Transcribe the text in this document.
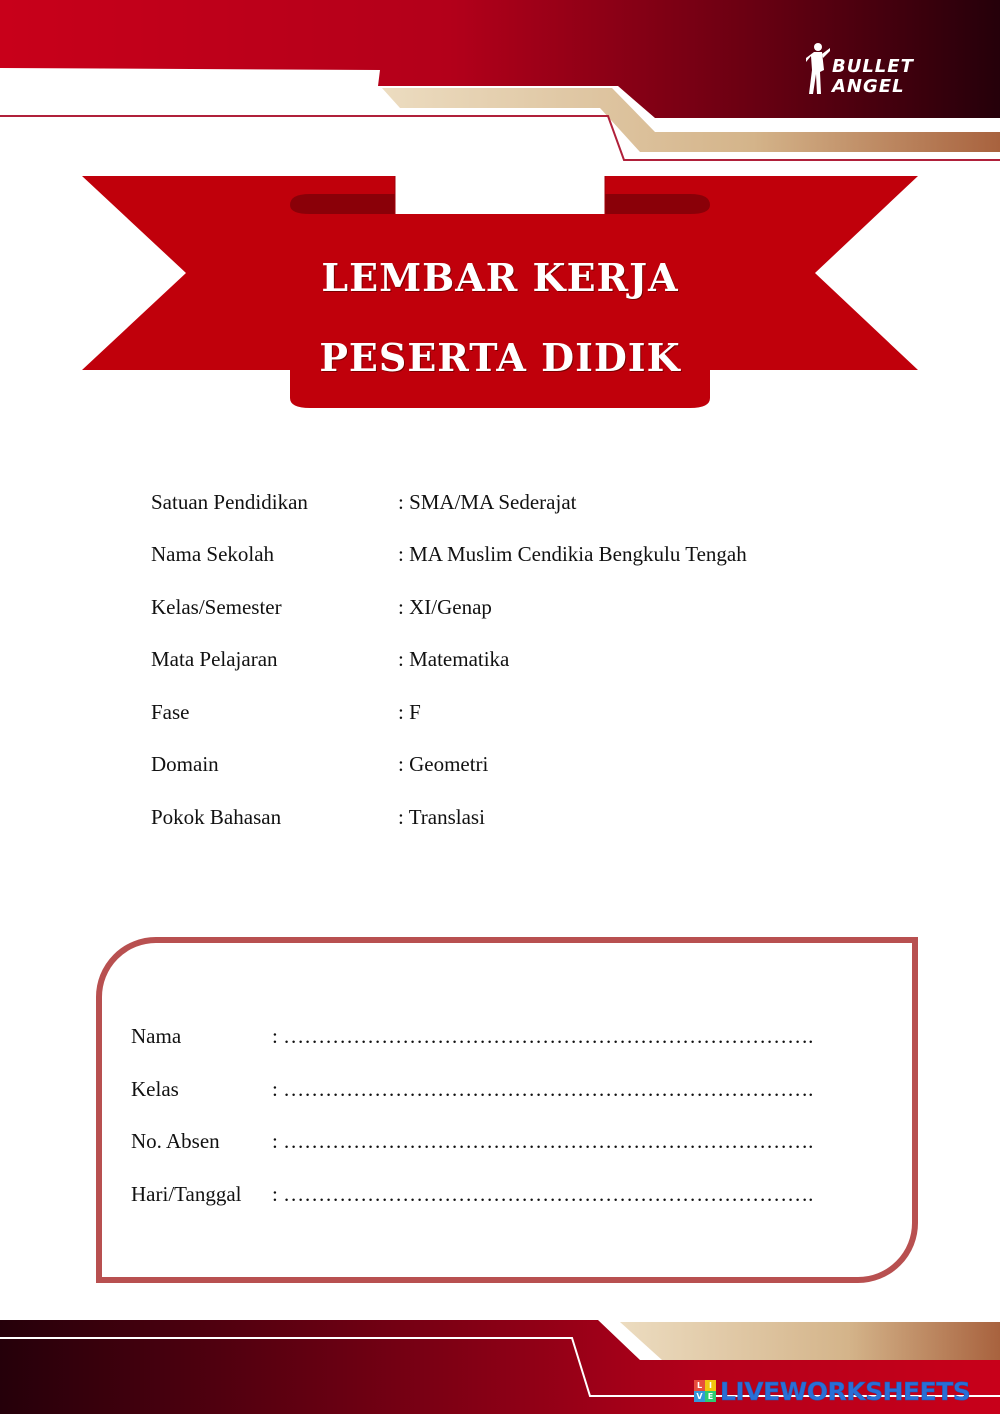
BULLET
ANGEL
LEMBAR KERJA
PESERTA DIDIK
Satuan Pendidikan	: SMA/MA Sederajat
Nama Sekolah	: MA Muslim Cendikia Bengkulu Tengah
Kelas/Semester	: XI/Genap
Mata Pelajaran	: Matematika
Fase	: F
Domain	: Geometri
Pokok Bahasan	: Translasi
Nama	: ………………………………………………………………….
Kelas	: ………………………………………………………………….
No. Absen	: ………………………………………………………………….
Hari/Tanggal	: ………………………………………………………………….
L I
V E LIVEWORKSHEETS
